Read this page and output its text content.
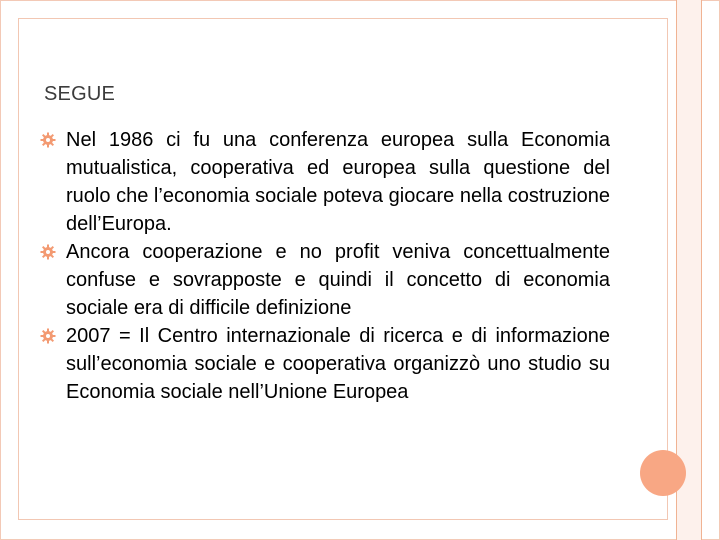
SEGUE
Nel 1986 ci fu una conferenza europea sulla Economia mutualistica, cooperativa ed europea sulla questione del ruolo che l’economia sociale poteva giocare nella costruzione dell’Europa.
Ancora cooperazione e no profit veniva concettualmente confuse e sovrapposte e quindi il concetto di economia sociale era di difficile definizione
2007 = Il Centro internazionale di ricerca e di informazione sull’economia sociale e cooperativa organizzò uno studio su Economia sociale nell’Unione Europea
